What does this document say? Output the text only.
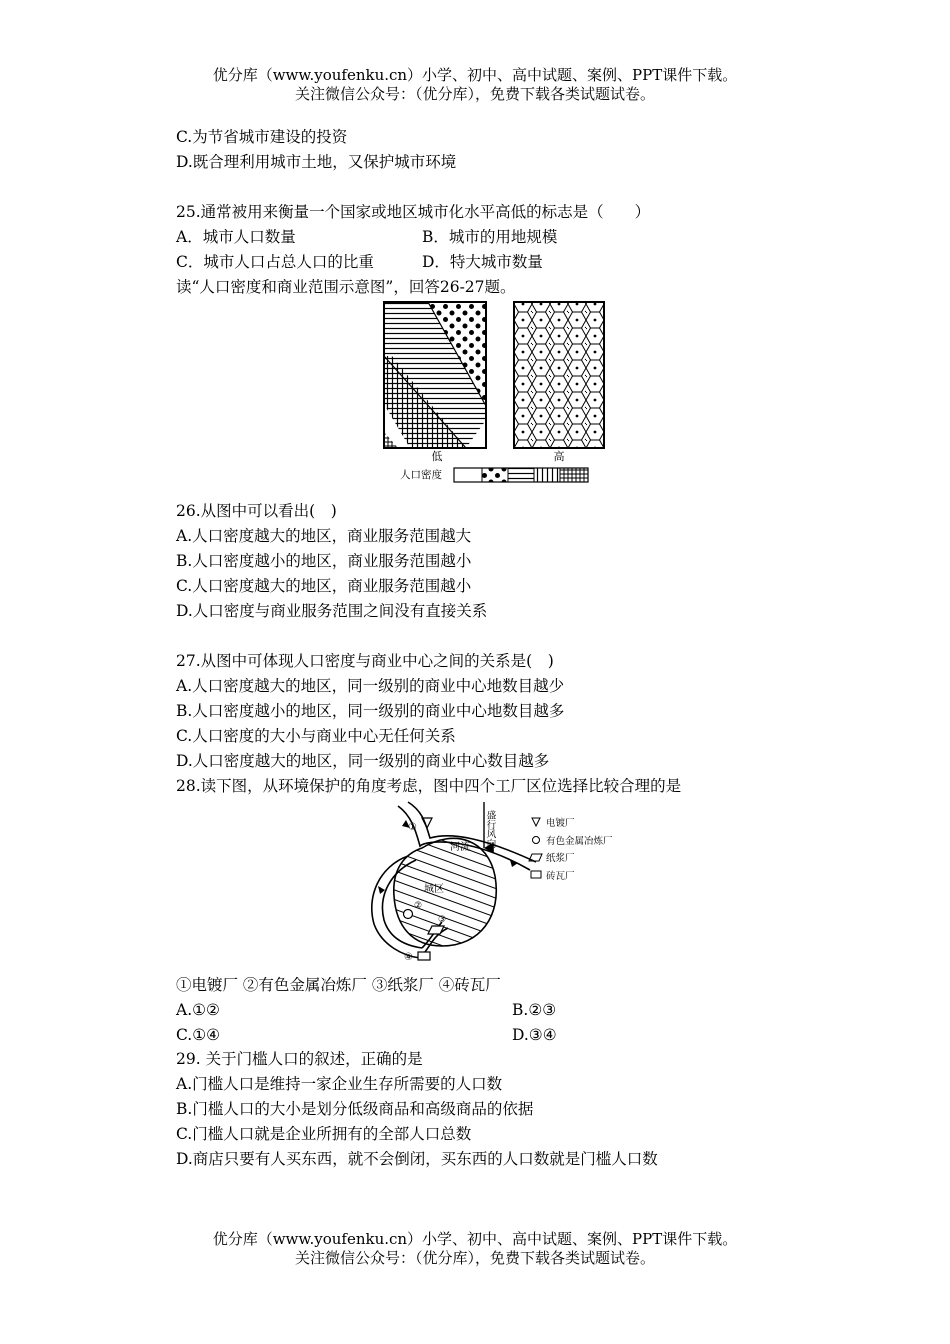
优分库（www.youfenku.cn）小学、初中、高中试题、案例、PPT课件下载。
关注微信公众号：（优分库），免费下载各类试题试卷。
C.为节省城市建设的投资
D.既合理利用城市土地，又保护城市环境
25.通常被用来衡量一个国家或地区城市化水平高低的标志是（　　）
A．城市人口数量	B．城市的用地规模
C．城市人口占总人口的比重	D．特大城市数量
读“人口密度和商业范围示意图”，回答26-27题。
低	高
人口密度
26.从图中可以看出(　)
A.人口密度越大的地区，商业服务范围越大
B.人口密度越小的地区，商业服务范围越小
C.人口密度越大的地区，商业服务范围越小
D.人口密度与商业服务范围之间没有直接关系
27.从图中可体现人口密度与商业中心之间的关系是(　)
A.人口密度越大的地区，同一级别的商业中心地数目越少
B.人口密度越小的地区，同一级别的商业中心地数目越多
C.人口密度的大小与商业中心无任何关系
D.人口密度越大的地区，同一级别的商业中心数目越多
28.读下图，从环境保护的角度考虑，图中四个工厂区位选择比较合理的是
①
②
③
④
河流
城区
盛行风向	电镀厂
有色金属冶炼厂
纸浆厂
砖瓦厂
①电镀厂 ②有色金属冶炼厂 ③纸浆厂 ④砖瓦厂
A.①②	B.②③
C.①④	D.③④
29. 关于门槛人口的叙述，正确的是
A.门槛人口是维持一家企业生存所需要的人口数
B.门槛人口的大小是划分低级商品和高级商品的依据
C.门槛人口就是企业所拥有的全部人口总数
D.商店只要有人买东西，就不会倒闭，买东西的人口数就是门槛人口数
优分库（www.youfenku.cn）小学、初中、高中试题、案例、PPT课件下载。
关注微信公众号：（优分库），免费下载各类试题试卷。
